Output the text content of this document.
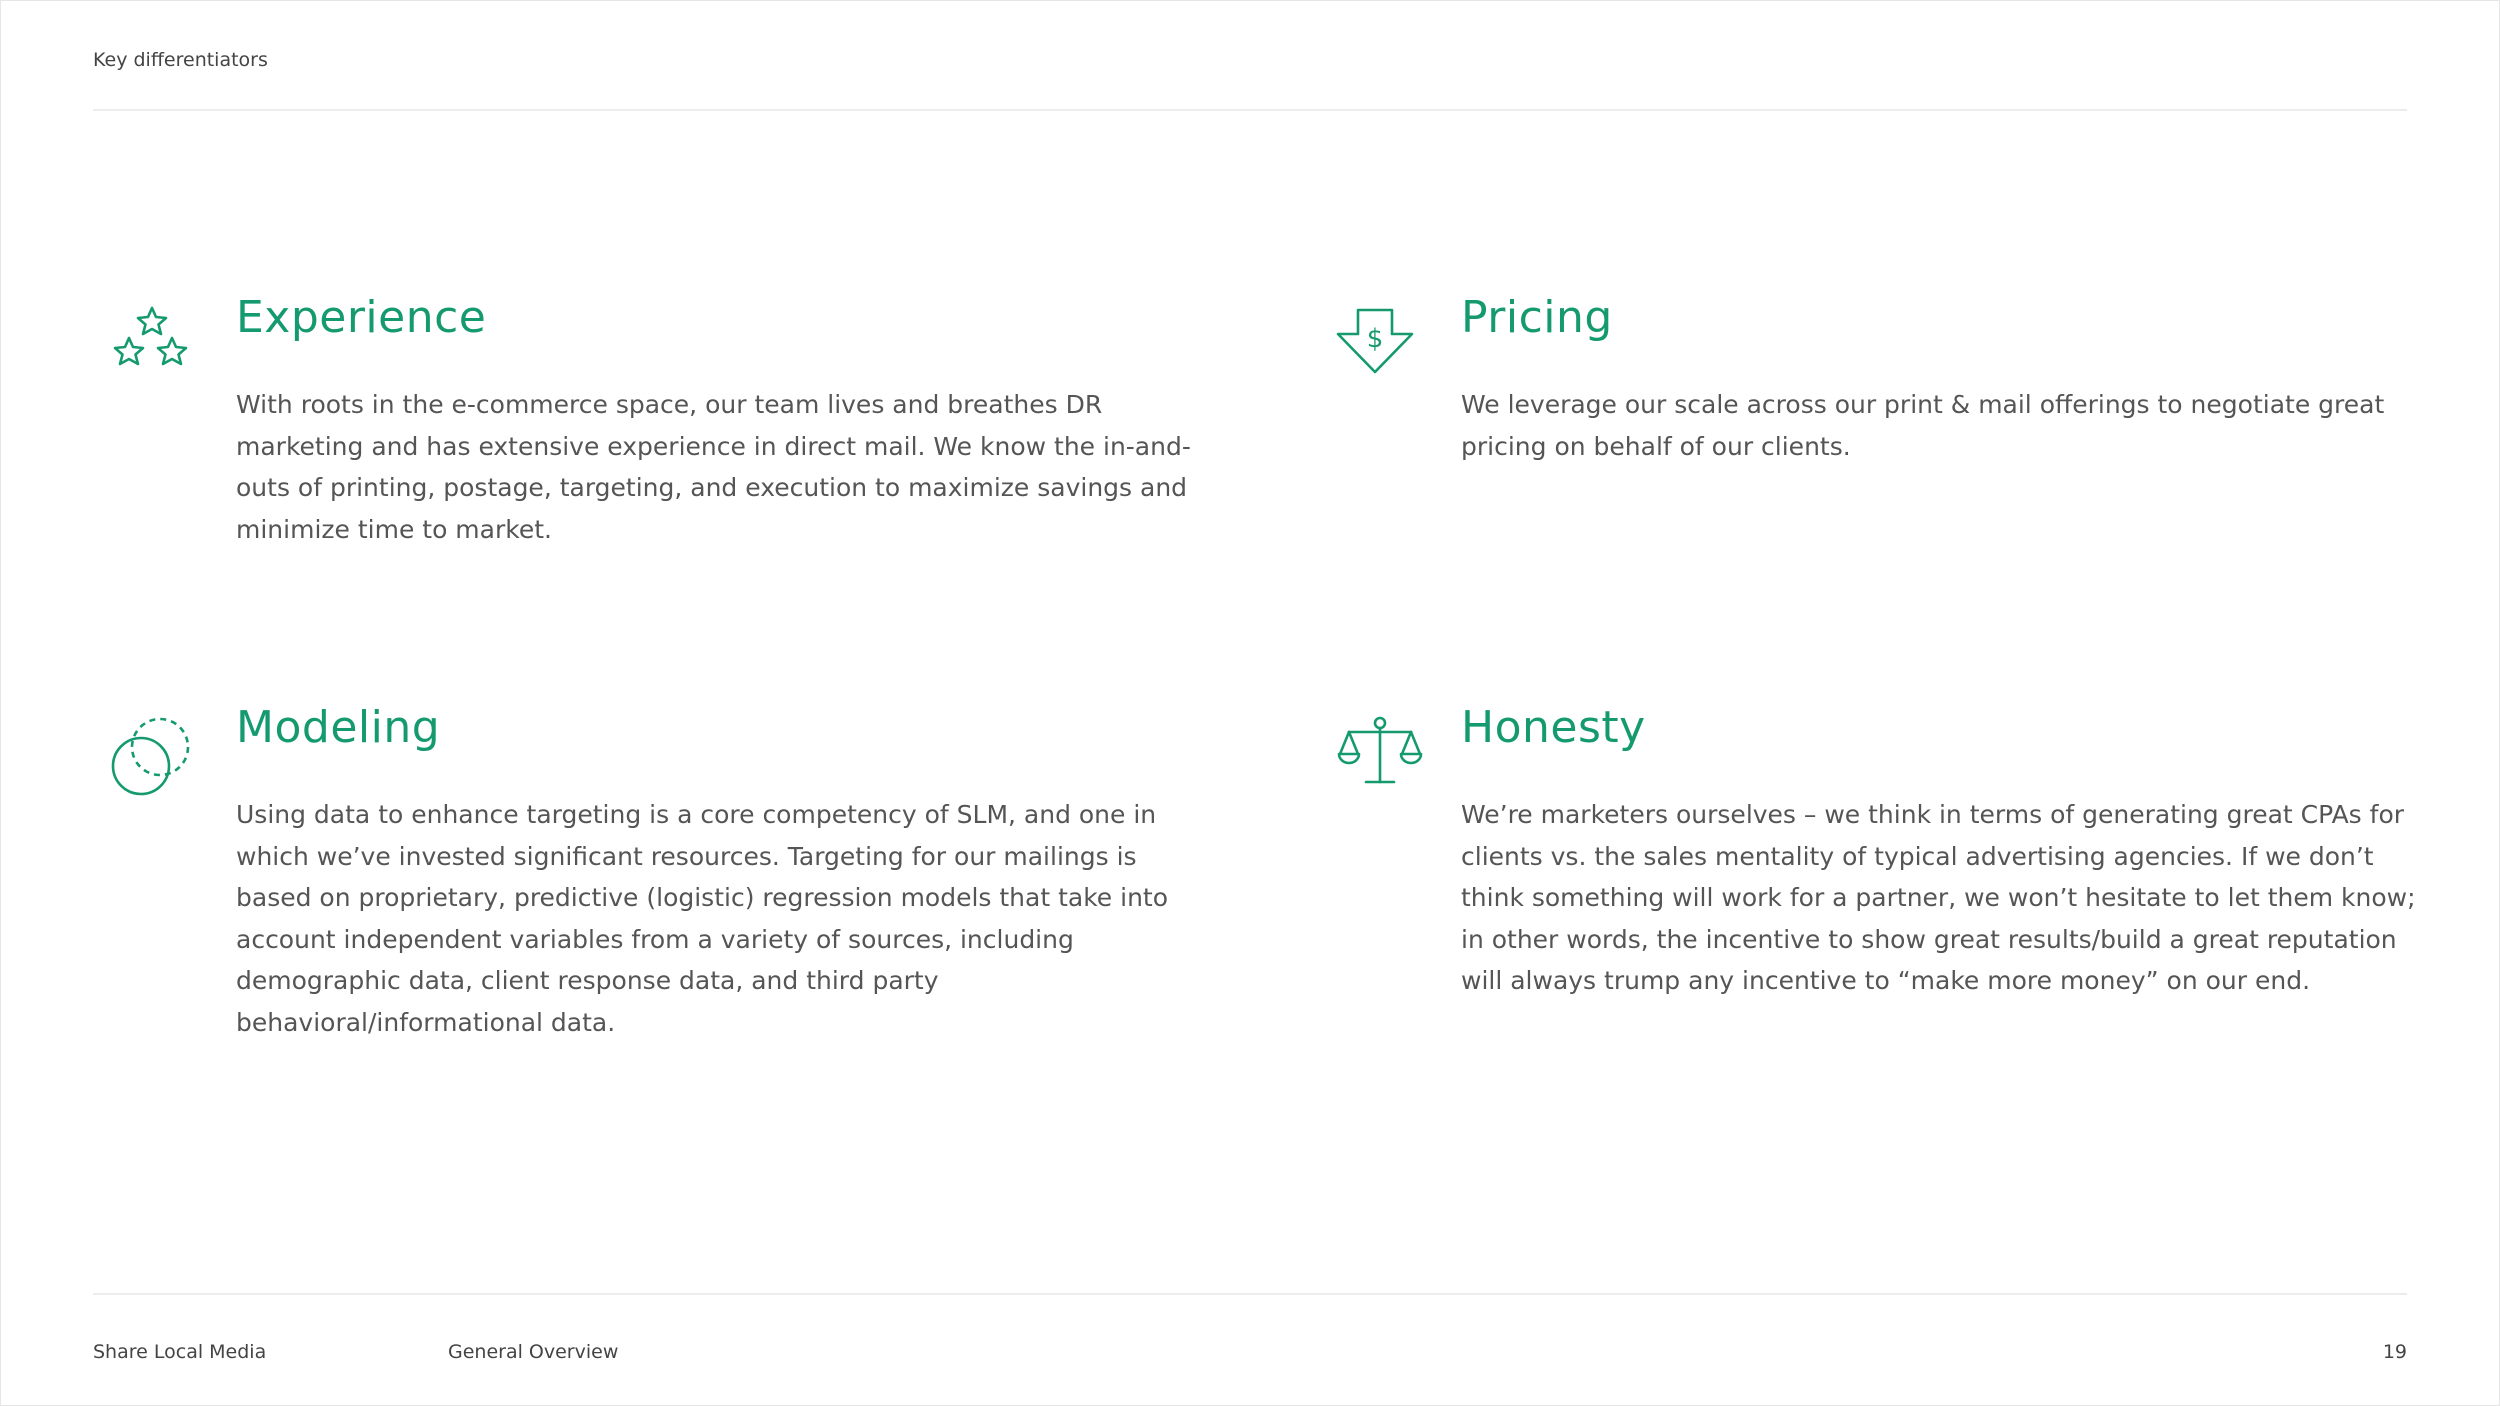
Key differentiators
Experience

With roots in the e-commerce space, our team lives and breathes DR marketing and has extensive experience in direct mail. We know the in-and-outs of printing, postage, targeting, and execution to maximize savings and minimize time to market.

$ Pricing

We leverage our scale across our print & mail offerings to negotiate great pricing on behalf of our clients.

Modeling

Using data to enhance targeting is a core competency of SLM, and one in which we’ve invested significant resources. Targeting for our mailings is based on proprietary, predictive (logistic) regression models that take into account independent variables from a variety of sources, including demographic data, client response data, and third party behavioral/informational data.

Honesty

We’re marketers ourselves – we think in terms of generating great CPAs for clients vs. the sales mentality of typical advertising agencies. If we don’t think something will work for a partner, we won’t hesitate to let them know; in other words, the incentive to show great results/build a great reputation will always trump any incentive to “make more money” on our end.

Share Local Media	General Overview	19
